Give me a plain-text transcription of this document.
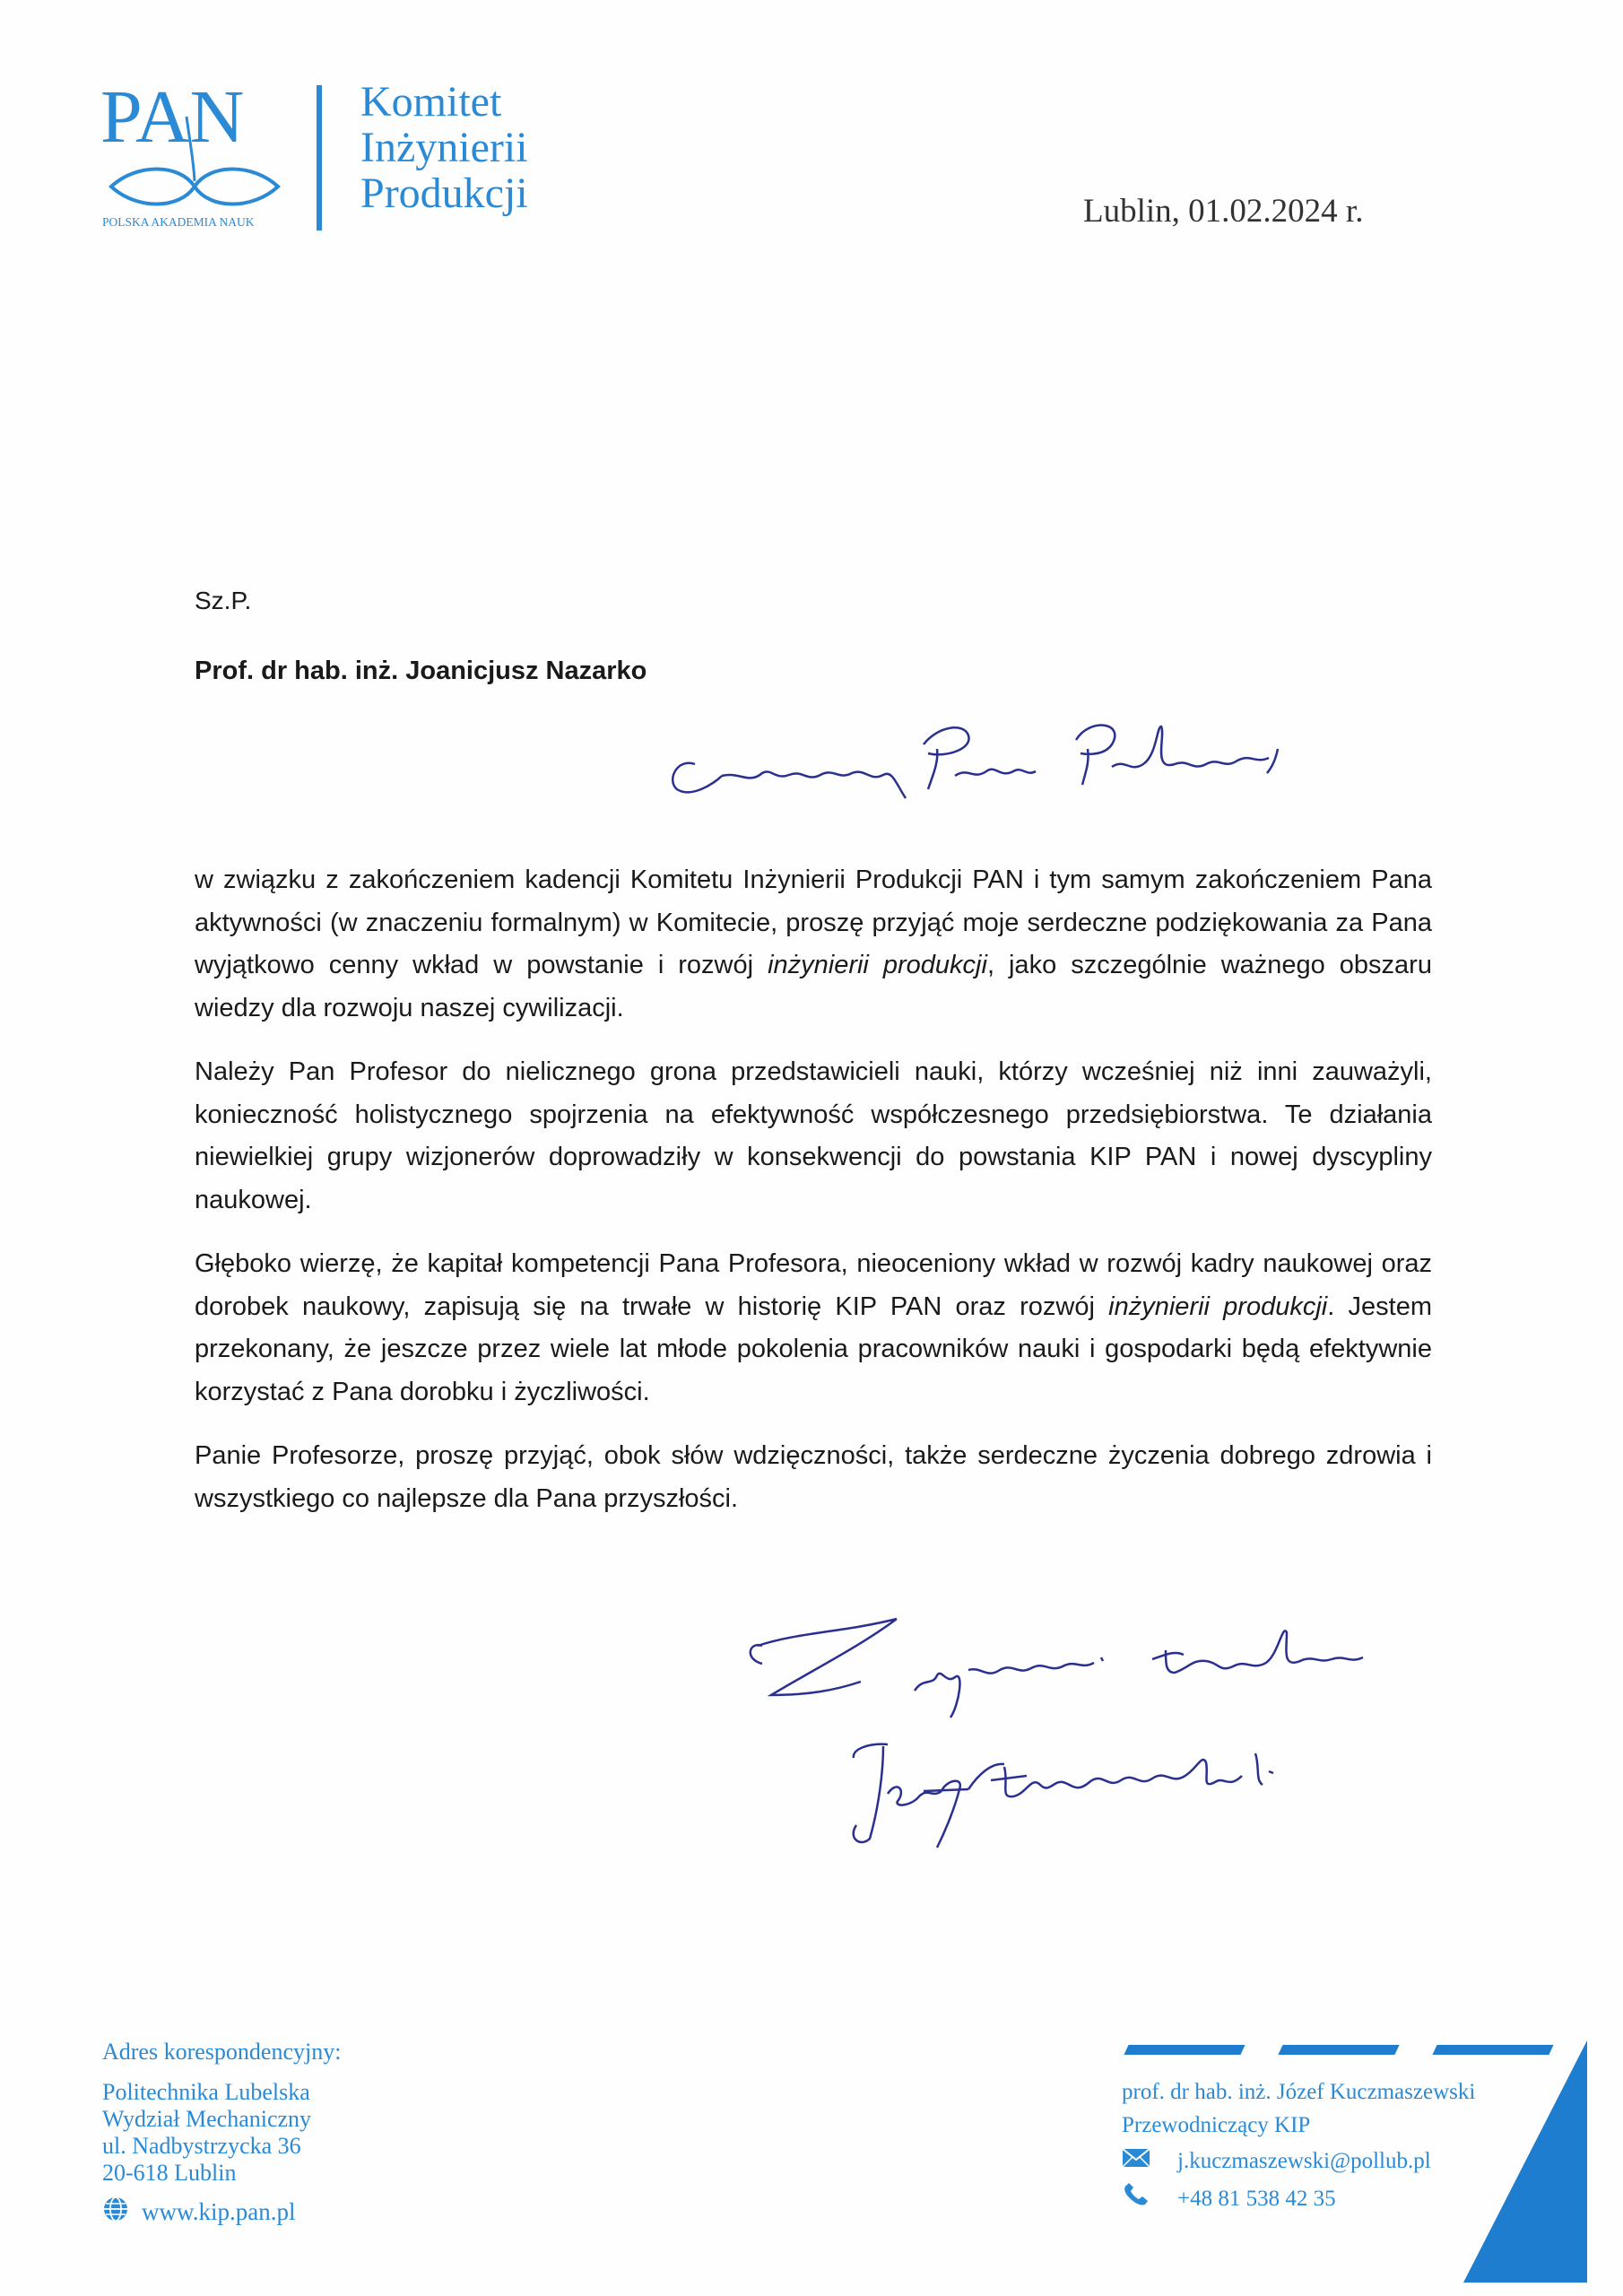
PAN
POLSKA AKADEMIA NAUK
Komitet
Inżynierii
Produkcji	Lublin, 01.02.2024 r.
Sz.P.
Prof. dr hab. inż. Joanicjusz Nazarko

w związku z zakończeniem kadencji Komitetu Inżynierii Produkcji PAN i tym samym zakończeniem Pana aktywności (w znaczeniu formalnym) w Komitecie, proszę przyjąć moje serdeczne podziękowania za Pana wyjątkowo cenny wkład w powstanie i rozwój inżynierii produkcji, jako szczególnie ważnego obszaru wiedzy dla rozwoju naszej cywilizacji.

Należy Pan Profesor do nielicznego grona przedstawicieli nauki, którzy wcześniej niż inni zauważyli, konieczność holistycznego spojrzenia na efektywność współczesnego przedsiębiorstwa. Te działania niewielkiej grupy wizjonerów doprowadziły w konsekwencji do powstania KIP PAN i nowej dyscypliny naukowej.

Głęboko wierzę, że kapitał kompetencji Pana Profesora, nieoceniony wkład w rozwój kadry naukowej oraz dorobek naukowy, zapisują się na trwałe w historię KIP PAN oraz rozwój inżynierii produkcji. Jestem przekonany, że jeszcze przez wiele lat młode pokolenia pracowników nauki i gospodarki będą efektywnie korzystać z Pana dorobku i życzliwości.

Panie Profesorze, proszę przyjąć, obok słów wdzięczności, także serdeczne życzenia dobrego zdrowia i wszystkiego co najlepsze dla Pana przyszłości.

Adres korespondencyjny:
Politechnika Lubelska
Wydział Mechaniczny
ul. Nadbystrzycka 36
20-618 Lublin
www.kip.pan.pl
prof. dr hab. inż. Józef Kuczmaszewski
Przewodniczący KIP
j.kuczmaszewski@pollub.pl
+48 81 538 42 35
